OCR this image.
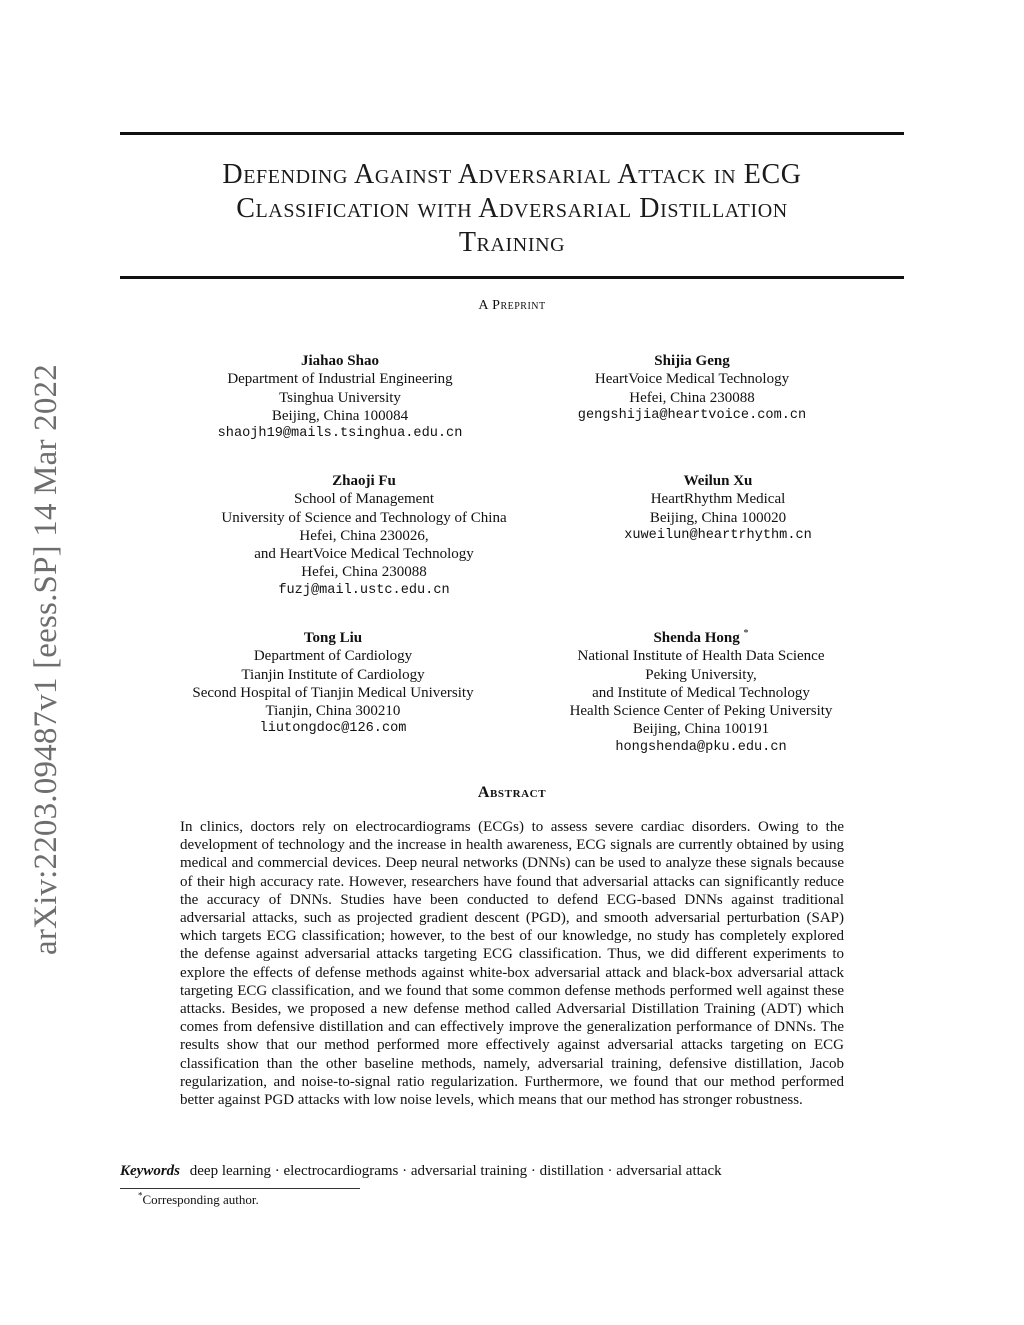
arXiv:2203.09487v1 [eess.SP] 14 Mar 2022
Defending Against Adversarial Attack in ECG
Classification with Adversarial Distillation
Training
A Preprint
Jiahao Shao
Department of Industrial Engineering
Tsinghua University
Beijing, China 100084
shaojh19@mails.tsinghua.edu.cn
Shijia Geng
HeartVoice Medical Technology
Hefei, China 230088
gengshijia@heartvoice.com.cn
Zhaoji Fu
School of Management
University of Science and Technology of China
Hefei, China 230026,
and HeartVoice Medical Technology
Hefei, China 230088
fuzj@mail.ustc.edu.cn
Weilun Xu
HeartRhythm Medical
Beijing, China 100020
xuweilun@heartrhythm.cn
Tong Liu
Department of Cardiology
Tianjin Institute of Cardiology
Second Hospital of Tianjin Medical University
Tianjin, China 300210
liutongdoc@126.com
Shenda Hong *
National Institute of Health Data Science
Peking University,
and Institute of Medical Technology
Health Science Center of Peking University
Beijing, China 100191
hongshenda@pku.edu.cn
Abstract
In clinics, doctors rely on electrocardiograms (ECGs) to assess severe cardiac disorders. Owing to the development of technology and the increase in health awareness, ECG signals are currently obtained by using medical and commercial devices. Deep neural networks (DNNs) can be used to analyze these signals because of their high accuracy rate. However, researchers have found that adversarial attacks can significantly reduce the accuracy of DNNs. Studies have been conducted to defend ECG-based DNNs against traditional adversarial attacks, such as projected gradient descent (PGD), and smooth adversarial perturbation (SAP) which targets ECG classification; however, to the best of our knowledge, no study has completely explored the defense against adversarial attacks targeting ECG classification. Thus, we did different experiments to explore the effects of defense methods against white-box adversarial attack and black-box adversarial attack targeting ECG classification, and we found that some common defense methods performed well against these attacks. Besides, we proposed a new defense method called Adversarial Distillation Training (ADT) which comes from defensive distillation and can effectively improve the generalization performance of DNNs. The results show that our method performed more effectively against adversarial attacks targeting on ECG classification than the other baseline methods, namely, adversarial training, defensive distillation, Jacob regularization, and noise-to-signal ratio regularization. Furthermore, we found that our method performed better against PGD attacks with low noise levels, which means that our method has stronger robustness.
Keywords deep learning · electrocardiograms · adversarial training · distillation · adversarial attack
*Corresponding author.
